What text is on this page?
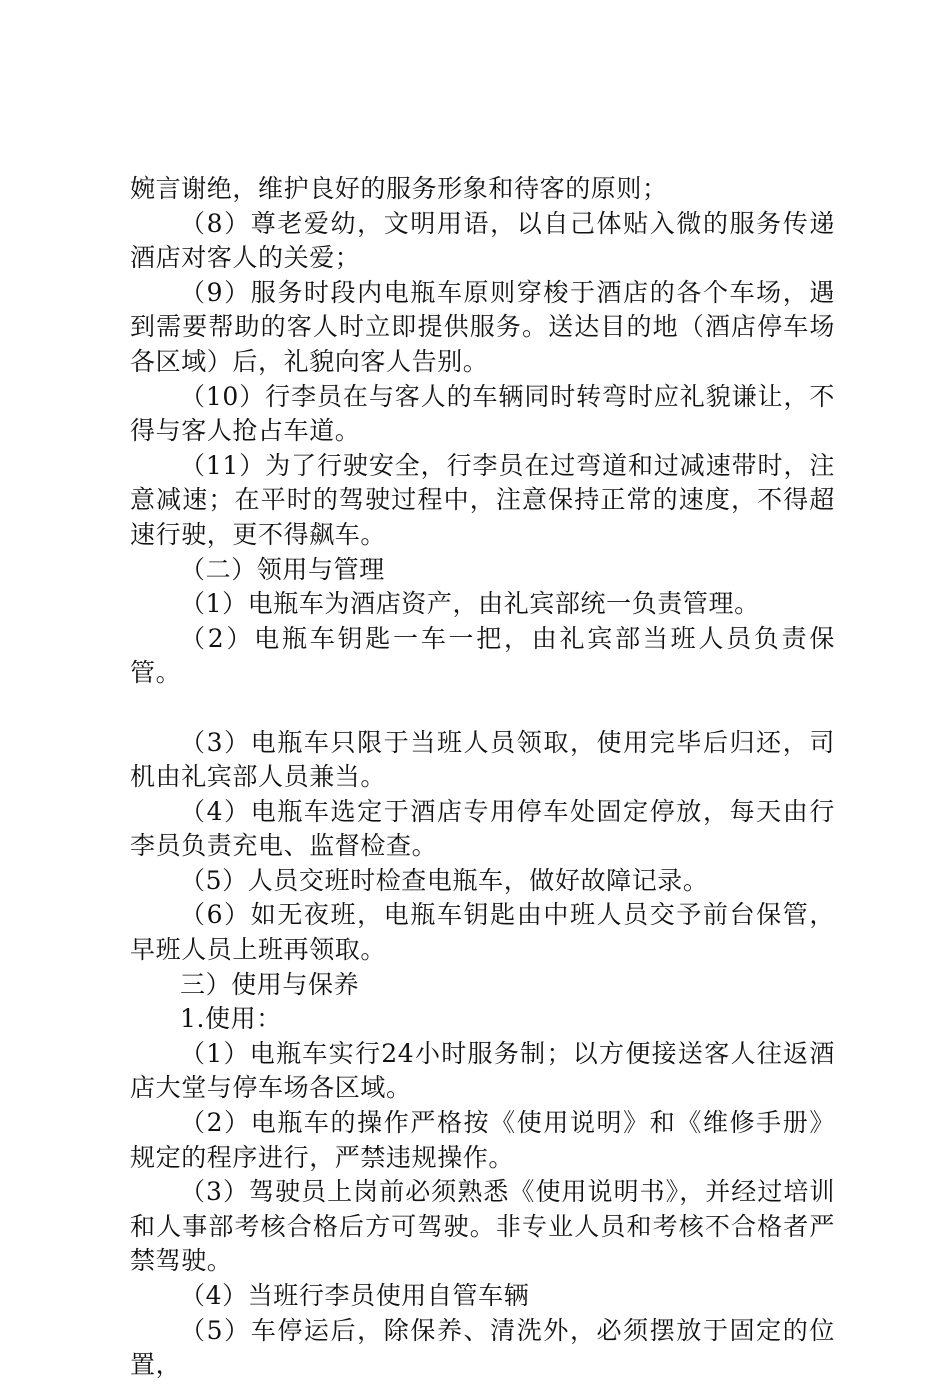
婉言谢绝，维护良好的服务形象和待客的原则；

（8）尊老爱幼，文明用语，以自己体贴入微的服务传递酒店对客人的关爱；

（9）服务时段内电瓶车原则穿梭于酒店的各个车场，遇到需要帮助的客人时立即提供服务。送达目的地（酒店停车场各区域）后，礼貌向客人告别。

（10）行李员在与客人的车辆同时转弯时应礼貌谦让，不得与客人抢占车道。

（11）为了行驶安全，行李员在过弯道和过减速带时，注意减速；在平时的驾驶过程中，注意保持正常的速度，不得超速行驶，更不得飙车。

（二）领用与管理

（1）电瓶车为酒店资产，由礼宾部统一负责管理。

（2）电瓶车钥匙一车一把，由礼宾部当班人员负责保管。

（3）电瓶车只限于当班人员领取，使用完毕后归还，司机由礼宾部人员兼当。

（4）电瓶车选定于酒店专用停车处固定停放，每天由行李员负责充电、监督检查。

（5）人员交班时检查电瓶车，做好故障记录。

（6）如无夜班，电瓶车钥匙由中班人员交予前台保管，早班人员上班再领取。

三）使用与保养

1.使用：

（1）电瓶车实行24小时服务制；以方便接送客人往返酒店大堂与停车场各区域。

（2）电瓶车的操作严格按《使用说明》和《维修手册》规定的程序进行，严禁违规操作。

（3）驾驶员上岗前必须熟悉《使用说明书》，并经过培训和人事部考核合格后方可驾驶。非专业人员和考核不合格者严禁驾驶。

（4）当班行李员使用自管车辆

（5）车停运后，除保养、清洗外，必须摆放于固定的位置，
